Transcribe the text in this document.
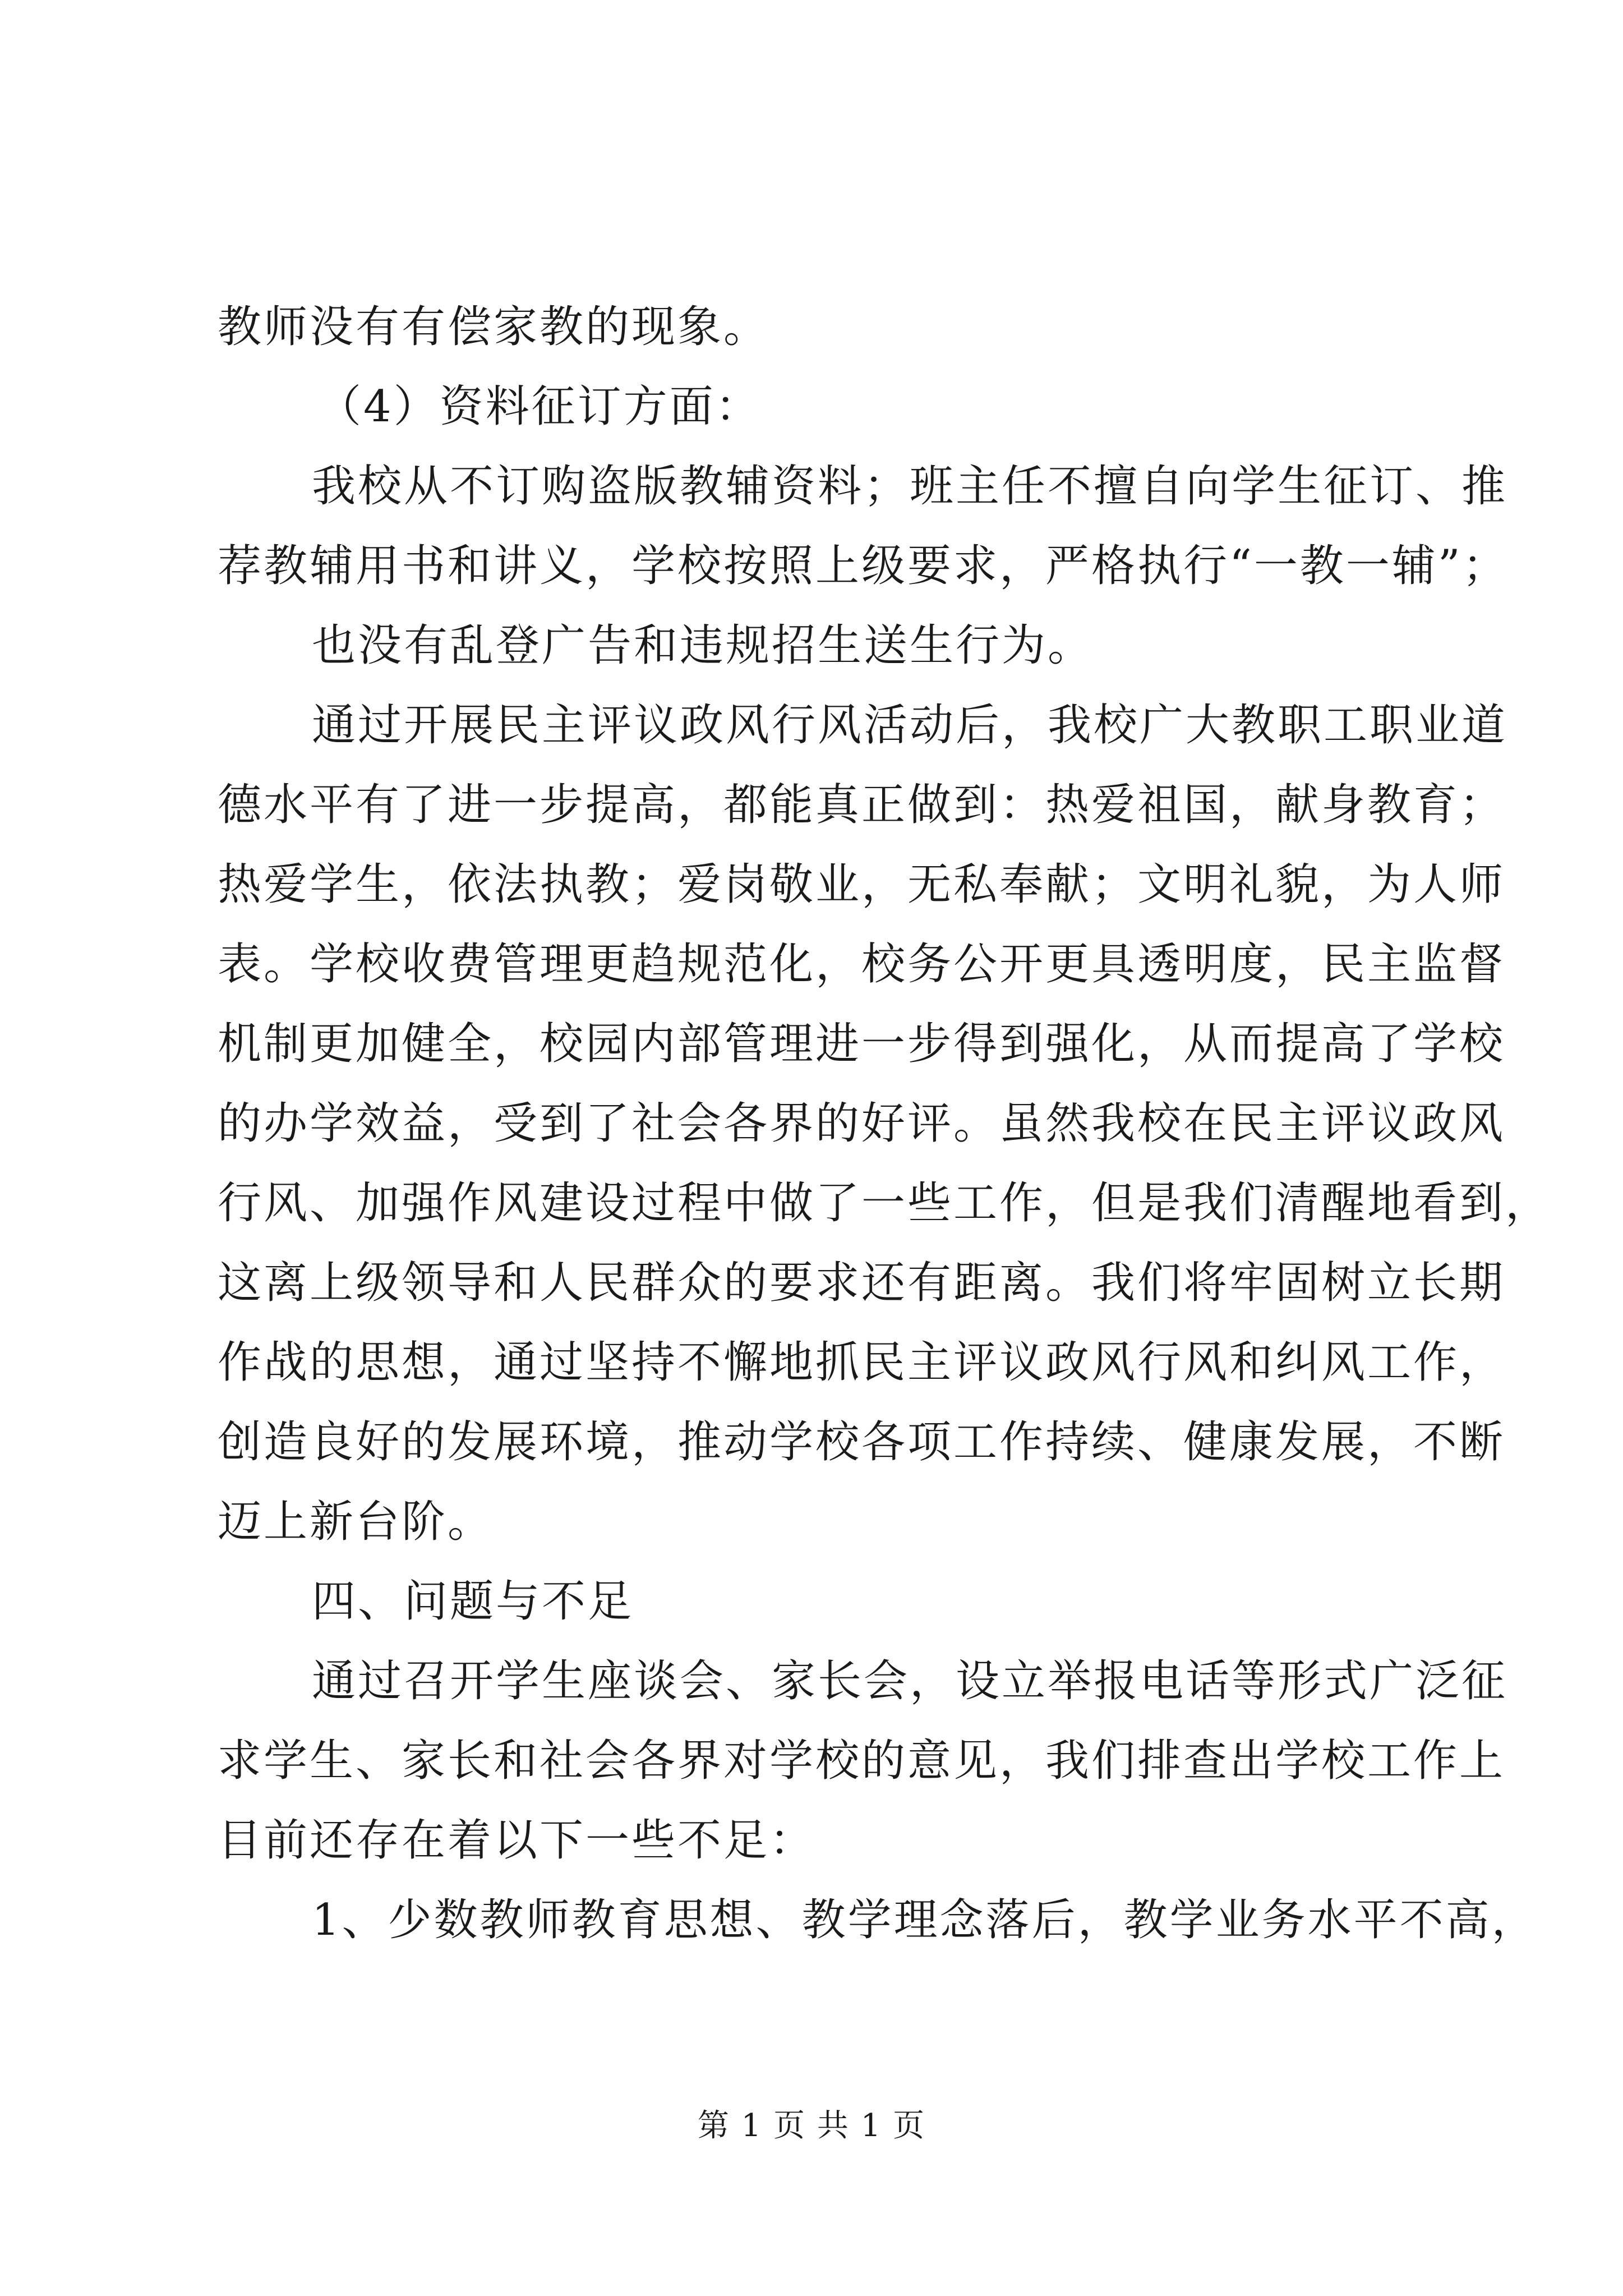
教师没有有偿家教的现象。
（4）资料征订方面：
我校从不订购盗版教辅资料；班主任不擅自向学生征订、推
荐教辅用书和讲义，学校按照上级要求，严格执行“一教一辅”；
也没有乱登广告和违规招生送生行为。
通过开展民主评议政风行风活动后，我校广大教职工职业道
德水平有了进一步提高，都能真正做到：热爱祖国，献身教育；
热爱学生，依法执教；爱岗敬业，无私奉献；文明礼貌，为人师
表。学校收费管理更趋规范化，校务公开更具透明度，民主监督
机制更加健全，校园内部管理进一步得到强化，从而提高了学校
的办学效益，受到了社会各界的好评。虽然我校在民主评议政风
行风、加强作风建设过程中做了一些工作，但是我们清醒地看到，
这离上级领导和人民群众的要求还有距离。我们将牢固树立长期
作战的思想，通过坚持不懈地抓民主评议政风行风和纠风工作，
创造良好的发展环境，推动学校各项工作持续、健康发展，不断
迈上新台阶。
四、问题与不足
通过召开学生座谈会、家长会，设立举报电话等形式广泛征
求学生、家长和社会各界对学校的意见，我们排查出学校工作上
目前还存在着以下一些不足：
1、少数教师教育思想、教学理念落后，教学业务水平不高，
第 1 页 共 1 页
